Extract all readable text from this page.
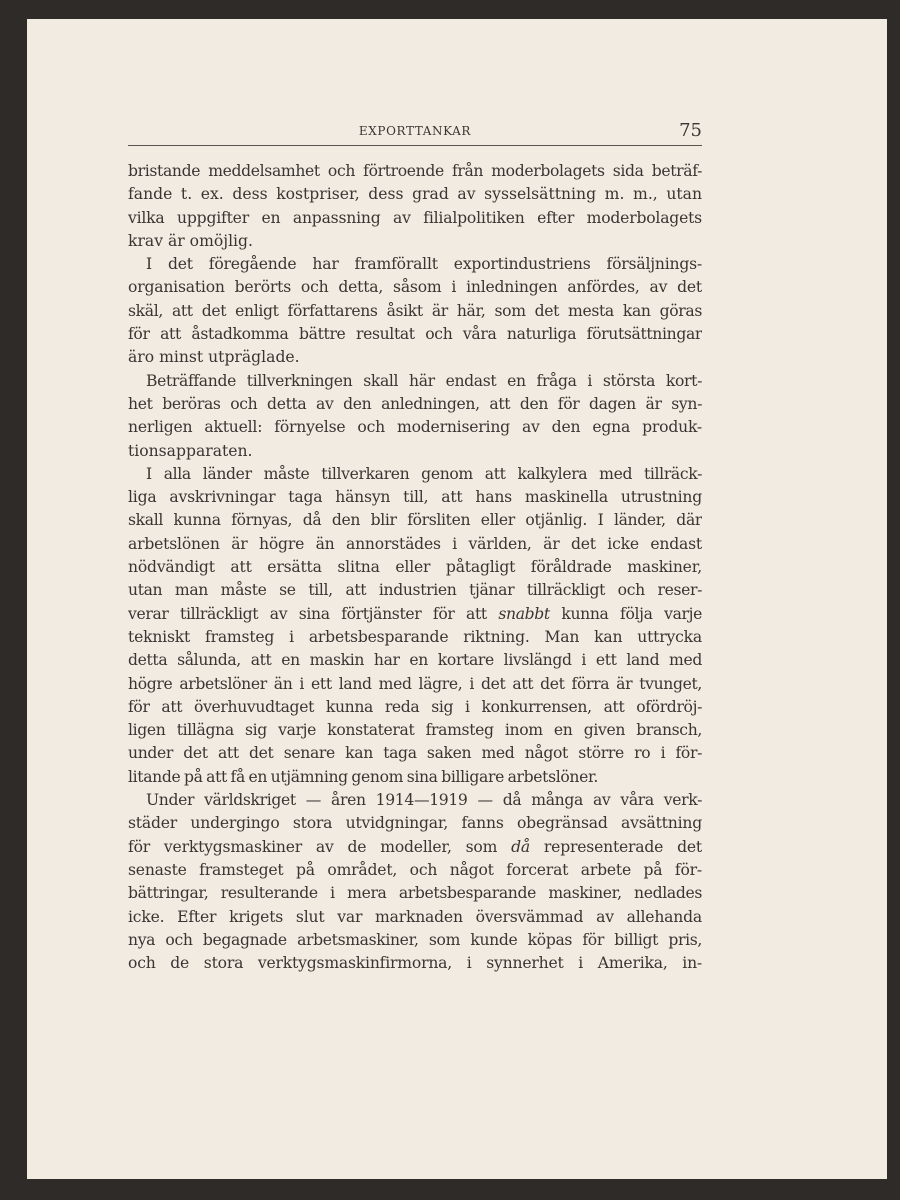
EXPORTTANKAR	75
bristande meddelsamhet och förtroende från moderbolagets sida beträf-
fande t. ex. dess kostpriser, dess grad av sysselsättning m. m., utan
vilka uppgifter en anpassning av filialpolitiken efter moderbolagets
krav är omöjlig.
I det föregående har framförallt exportindustriens försäljnings-
organisation berörts och detta, såsom i inledningen anfördes, av det
skäl, att det enligt författarens åsikt är här, som det mesta kan göras
för att åstadkomma bättre resultat och våra naturliga förutsättningar
äro minst utpräglade.
Beträffande tillverkningen skall här endast en fråga i största kort-
het beröras och detta av den anledningen, att den för dagen är syn-
nerligen aktuell: förnyelse och modernisering av den egna produk-
tionsapparaten.
I alla länder måste tillverkaren genom att kalkylera med tillräck-
liga avskrivningar taga hänsyn till, att hans maskinella utrustning
skall kunna förnyas, då den blir försliten eller otjänlig. I länder, där
arbetslönen är högre än annorstädes i världen, är det icke endast
nödvändigt att ersätta slitna eller påtagligt föråldrade maskiner,
utan man måste se till, att industrien tjänar tillräckligt och reser-
verar tillräckligt av sina förtjänster för att snabbt kunna följa varje
tekniskt framsteg i arbetsbesparande riktning. Man kan uttrycka
detta sålunda, att en maskin har en kortare livslängd i ett land med
högre arbetslöner än i ett land med lägre, i det att det förra är tvunget,
för att överhuvudtaget kunna reda sig i konkurrensen, att ofördröj-
ligen tillägna sig varje konstaterat framsteg inom en given bransch,
under det att det senare kan taga saken med något större ro i för-
litande på att få en utjämning genom sina billigare arbetslöner.
Under världskriget — åren 1914—1919 — då många av våra verk-
städer undergingo stora utvidgningar, fanns obegränsad avsättning
för verktygsmaskiner av de modeller, som då representerade det
senaste framsteget på området, och något forcerat arbete på för-
bättringar, resulterande i mera arbetsbesparande maskiner, nedlades
icke. Efter krigets slut var marknaden översvämmad av allehanda
nya och begagnade arbetsmaskiner, som kunde köpas för billigt pris,
och de stora verktygsmaskinfirmorna, i synnerhet i Amerika, in-
